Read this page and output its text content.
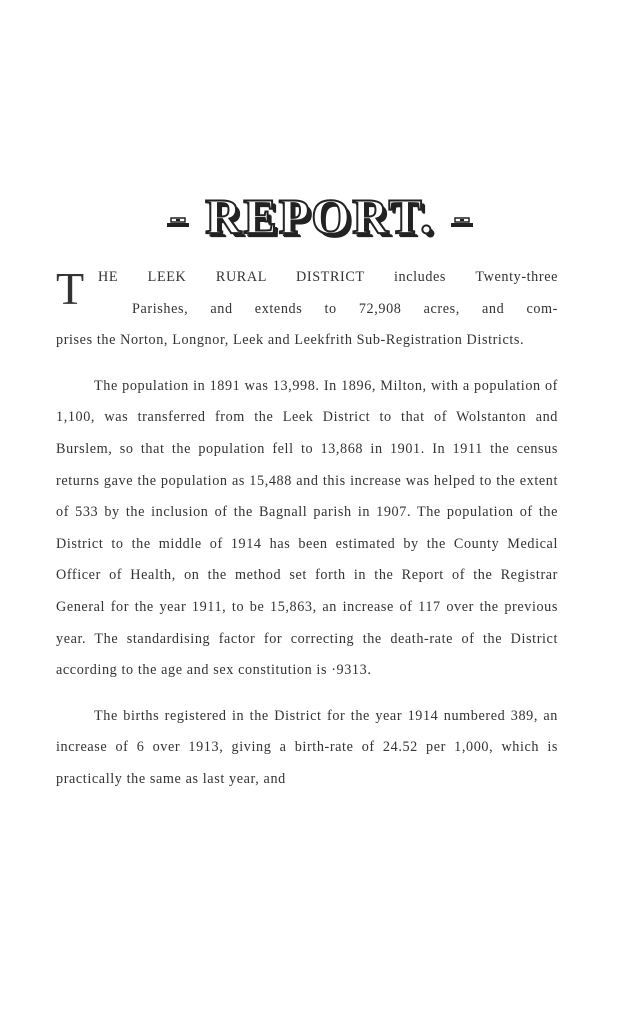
REPORT.
T HE LEEK RURAL DISTRICT includes Twenty-three
Parishes, and extends to 72,908 acres, and com-

prises the Norton, Longnor, Leek and Leekfrith Sub-Registration Districts.

The population in 1891 was 13,998. In 1896, Milton, with a population of 1,100, was transferred from the Leek District to that of Wolstanton and Burslem, so that the population fell to 13,868 in 1901. In 1911 the census returns gave the population as 15,488 and this increase was helped to the extent of 533 by the inclusion of the Bagnall parish in 1907. The population of the District to the middle of 1914 has been estimated by the County Medical Officer of Health, on the method set forth in the Report of the Registrar General for the year 1911, to be 15,863, an increase of 117 over the previous year. The standardising factor for correcting the death-rate of the District according to the age and sex constitution is ·9313.

The births registered in the District for the year 1914 numbered 389, an increase of 6 over 1913, giving a birth-rate of 24.52 per 1,000, which is practically the same as last year, and
